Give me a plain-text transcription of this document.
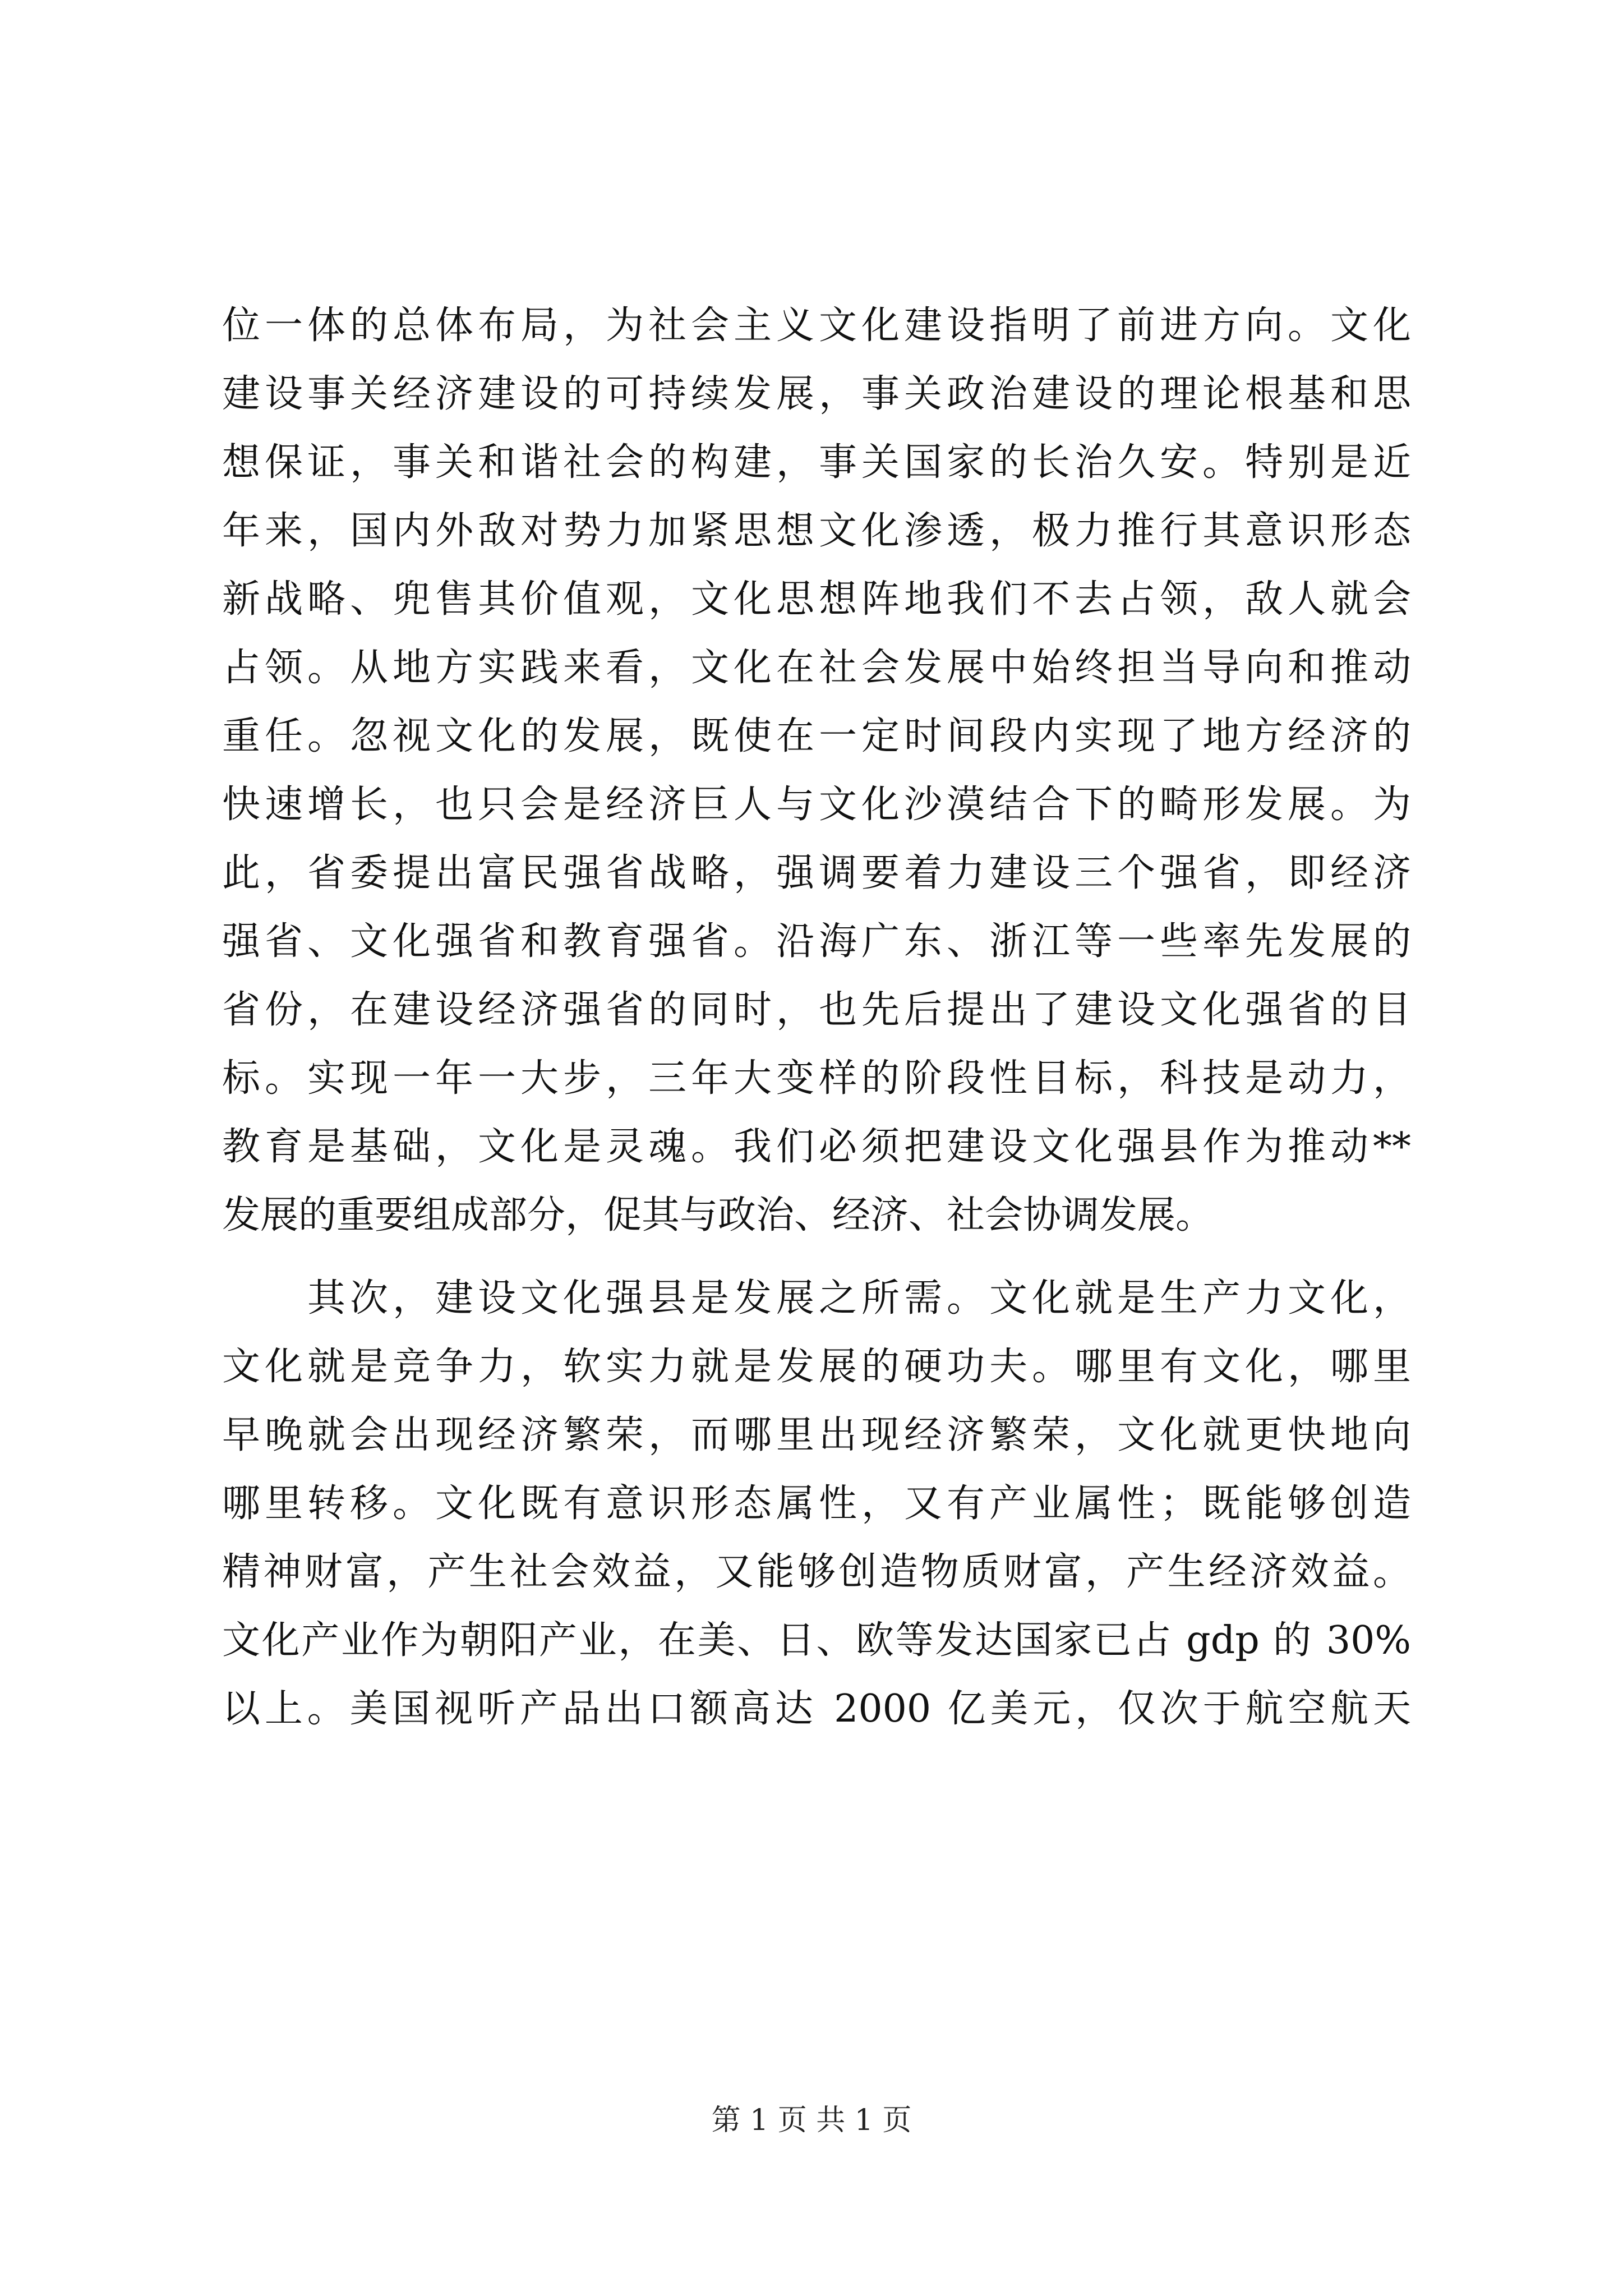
位一体的总体布局，为社会主义文化建设指明了前进方向。文化
建设事关经济建设的可持续发展，事关政治建设的理论根基和思
想保证，事关和谐社会的构建，事关国家的长治久安。特别是近
年来，国内外敌对势力加紧思想文化渗透，极力推行其意识形态
新战略、兜售其价值观，文化思想阵地我们不去占领，敌人就会
占领。从地方实践来看，文化在社会发展中始终担当导向和推动
重任。忽视文化的发展，既使在一定时间段内实现了地方经济的
快速增长，也只会是经济巨人与文化沙漠结合下的畸形发展。为
此，省委提出富民强省战略，强调要着力建设三个强省，即经济
强省、文化强省和教育强省。沿海广东、浙江等一些率先发展的
省份，在建设经济强省的同时，也先后提出了建设文化强省的目
标。实现一年一大步，三年大变样的阶段性目标，科技是动力，
教育是基础，文化是灵魂。我们必须把建设文化强县作为推动**
发展的重要组成部分，促其与政治、经济、社会协调发展。
　　其次，建设文化强县是发展之所需。文化就是生产力文化，
文化就是竞争力，软实力就是发展的硬功夫。哪里有文化，哪里
早晚就会出现经济繁荣，而哪里出现经济繁荣，文化就更快地向
哪里转移。文化既有意识形态属性，又有产业属性；既能够创造
精神财富，产生社会效益，又能够创造物质财富，产生经济效益。
文化产业作为朝阳产业，在美、日、欧等发达国家已占 gdp 的 30%
以上。美国视听产品出口额高达 2000 亿美元，仅次于航空航天
第 1 页 共 1 页
